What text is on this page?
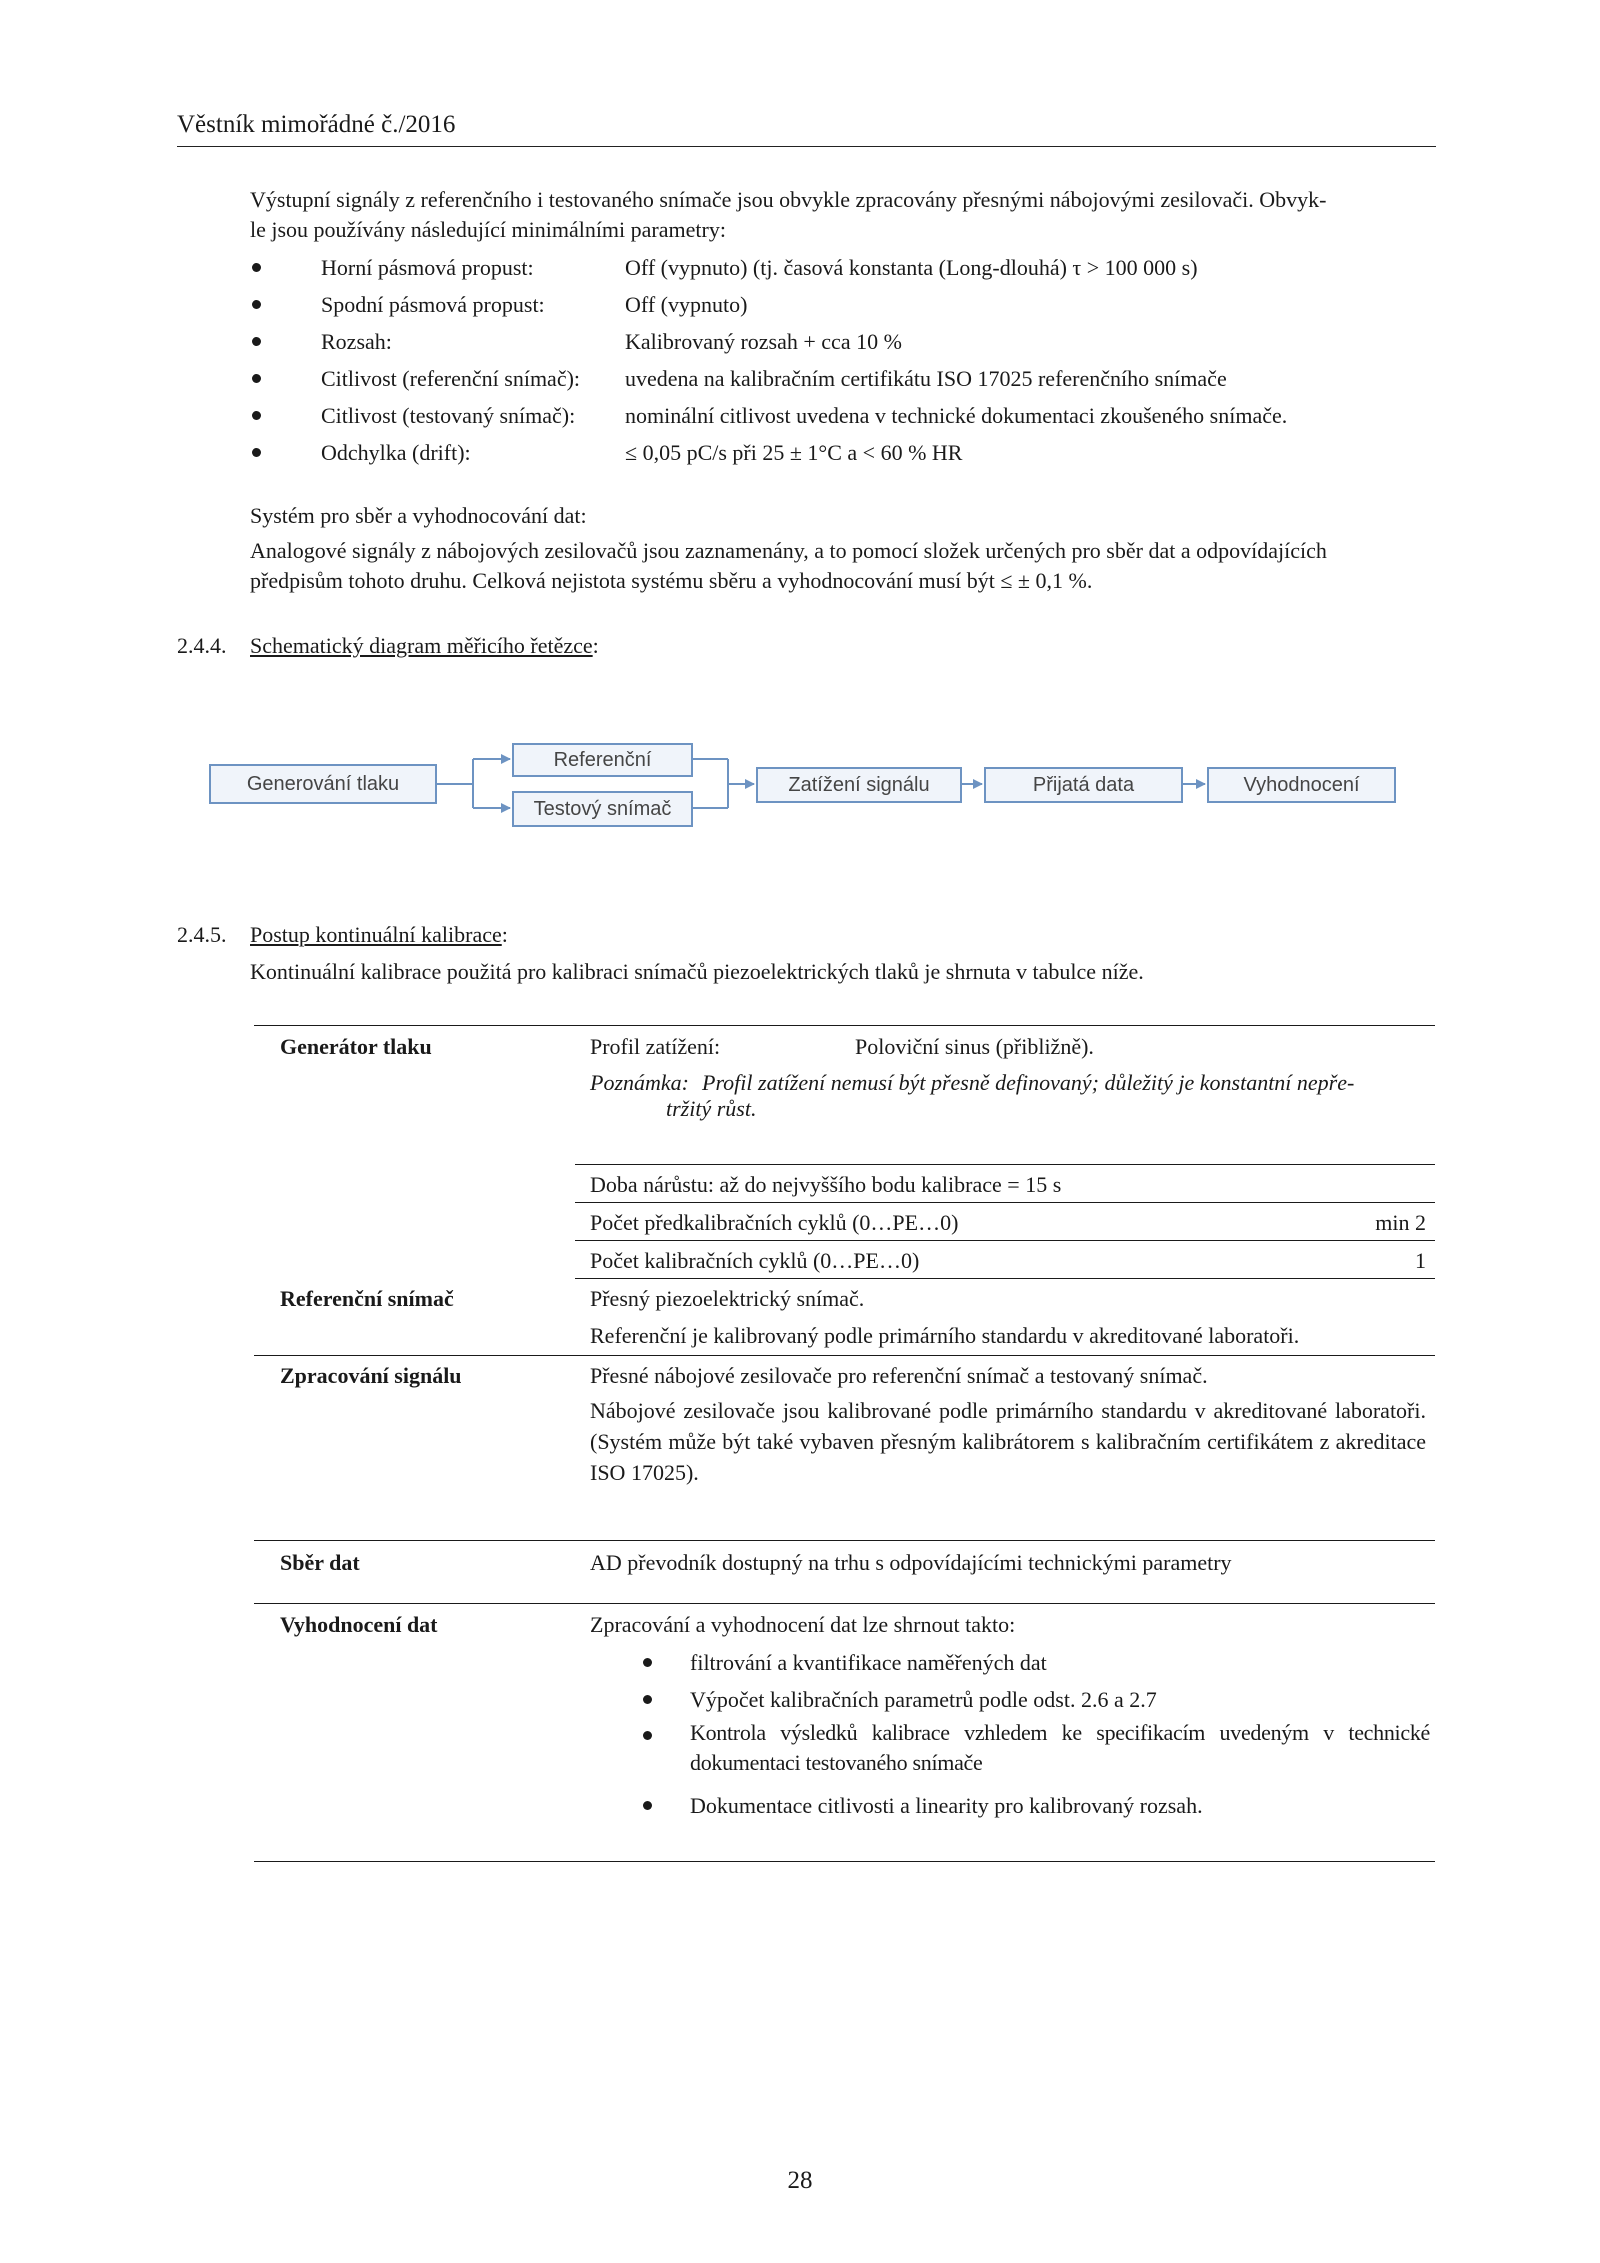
Věstník mimořádné č./2016
Výstupní signály z referenčního i testovaného snímače jsou obvykle zpracovány přesnými nábojovými zesilovači. Obvyk-
le jsou používány následující minimálními parametry:
Horní pásmová propust:	Off (vypnuto) (tj. časová konstanta (Long-dlouhá) τ > 100 000 s)
Spodní pásmová propust:	Off (vypnuto)
Rozsah:	Kalibrovaný rozsah + cca 10 %
Citlivost (referenční snímač): uvedena na kalibračním certifikátu ISO 17025 referenčního snímače
Citlivost (testovaný snímač): nominální citlivost uvedena v technické dokumentaci zkoušeného snímače.
Odchylka (drift):	≤ 0,05 pC/s při 25 ± 1°C a < 60 % HR
Systém pro sběr a vyhodnocování dat:
Analogové signály z nábojových zesilovačů jsou zaznamenány, a to pomocí složek určených pro sběr dat a odpovídajících
předpisům tohoto druhu. Celková nejistota systému sběru a vyhodnocování musí být ≤ ± 0,1 %.
2.4.4. Schematický diagram měřicího řetězce:
Generování tlaku
Referenční
Testový snímač
Zatížení signálu	Přijatá data	Vyhodnocení
2.4.5. Postup kontinuální kalibrace:
Kontinuální kalibrace použitá pro kalibraci snímačů piezoelektrických tlaků je shrnuta v tabulce níže.
Generátor tlaku	Profil zatížení:	Poloviční sinus (přibližně).
Poznámka: Profil zatížení nemusí být přesně definovaný; důležitý je konstantní nepře-
tržitý růst.
Doba nárůstu: až do nejvyššího bodu kalibrace = 15 s
Počet předkalibračních cyklů (0…PE…0)	min 2
Počet kalibračních cyklů (0…PE…0)	1
Referenční snímač	Přesný piezoelektrický snímač.
Referenční je kalibrovaný podle primárního standardu v akreditované laboratoři.
Zpracování signálu	Přesné nábojové zesilovače pro referenční snímač a testovaný snímač.
Nábojové zesilovače jsou kalibrované podle primárního standardu v akreditované laboratoři. (Systém může být také vybaven přesným kalibrátorem s kalibračním certifikátem z akreditace ISO 17025).
Sběr dat	AD převodník dostupný na trhu s odpovídajícími technickými parametry
Vyhodnocení dat	Zpracování a vyhodnocení dat lze shrnout takto:
filtrování a kvantifikace naměřených dat
Výpočet kalibračních parametrů podle odst. 2.6 a 2.7
Kontrola výsledků kalibrace vzhledem ke specifikacím uvedeným v technické dokumentaci testovaného snímače
Dokumentace citlivosti a linearity pro kalibrovaný rozsah.
28
